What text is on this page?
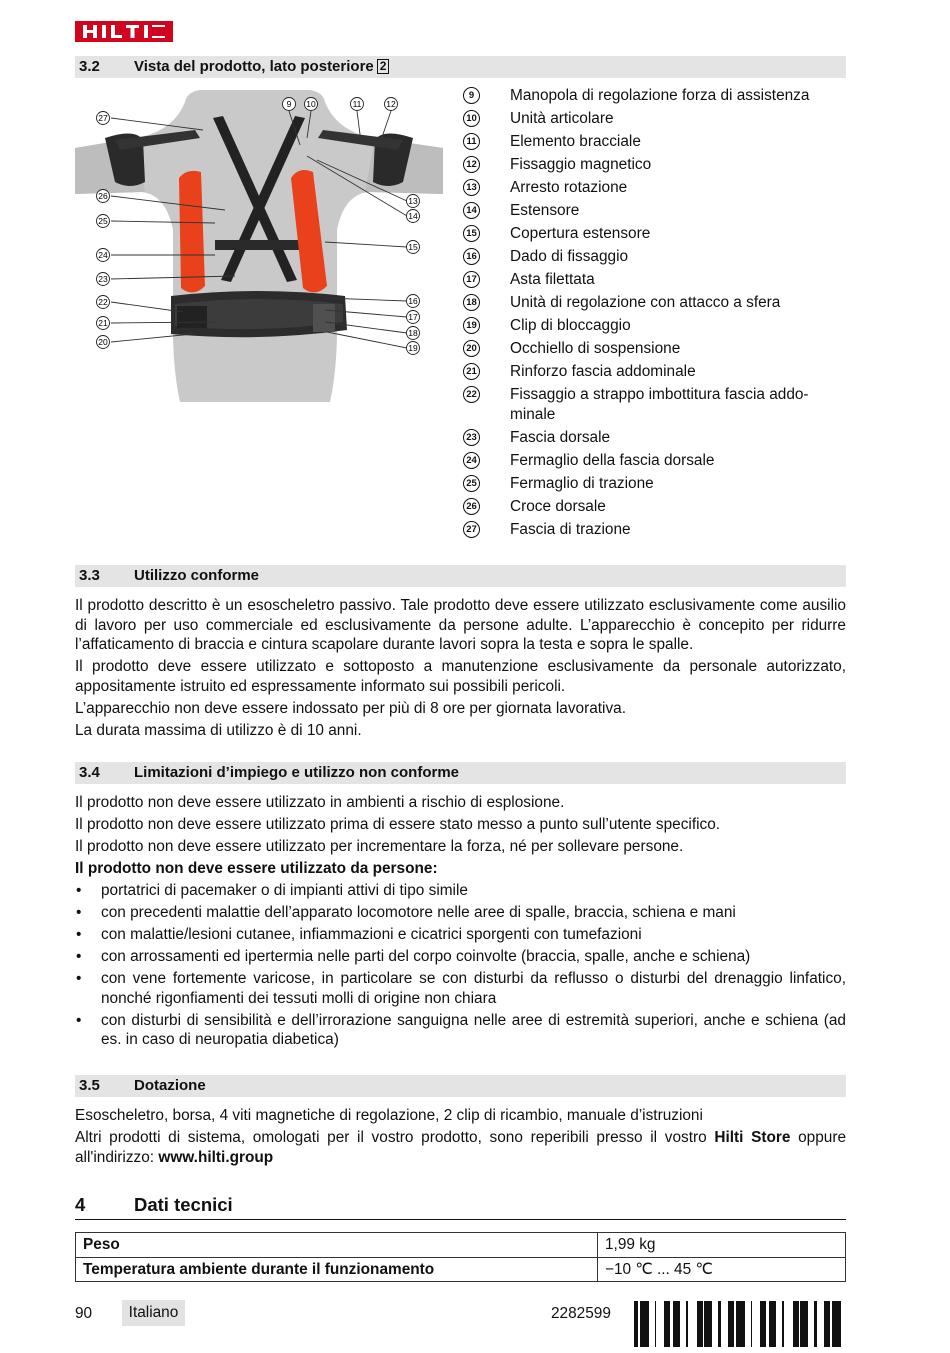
3.2 Vista del prodotto, lato posteriore 2
27
26
25
24
23
22
21
20
9 10	11	12
13
14
15
16
17
18
19
9	Manopola di regolazione forza di assistenza
10 Unità articolare
11 Elemento bracciale
12 Fissaggio magnetico
13 Arresto rotazione
14 Estensore
15 Copertura estensore
16 Dado di fissaggio
17 Asta filettata
18 Unità di regolazione con attacco a sfera
19 Clip di bloccaggio
20 Occhiello di sospensione
21 Rinforzo fascia addominale
22 Fissaggio a strappo imbottitura fascia addo-minale
23 Fascia dorsale
24 Fermaglio della fascia dorsale
25 Fermaglio di trazione
26 Croce dorsale
27 Fascia di trazione
3.3 Utilizzo conforme

Il prodotto descritto è un esoscheletro passivo. Tale prodotto deve essere utilizzato esclusivamente come ausilio di lavoro per uso commerciale ed esclusivamente da persone adulte. L’apparecchio è concepito per ridurre l’affaticamento di braccia e cintura scapolare durante lavori sopra la testa e sopra le spalle.

Il prodotto deve essere utilizzato e sottoposto a manutenzione esclusivamente da personale autorizzato, appositamente istruito ed espressamente informato sui possibili pericoli.

L’apparecchio non deve essere indossato per più di 8 ore per giornata lavorativa.

La durata massima di utilizzo è di 10 anni.

3.4 Limitazioni d’impiego e utilizzo non conforme

Il prodotto non deve essere utilizzato in ambienti a rischio di esplosione.

Il prodotto non deve essere utilizzato prima di essere stato messo a punto sull’utente specifico.

Il prodotto non deve essere utilizzato per incrementare la forza, né per sollevare persone.

Il prodotto non deve essere utilizzato da persone:

• portatrici di pacemaker o di impianti attivi di tipo simile
• con precedenti malattie dell’apparato locomotore nelle aree di spalle, braccia, schiena e mani
• con malattie/lesioni cutanee, infiammazioni e cicatrici sporgenti con tumefazioni
• con arrossamenti ed ipertermia nelle parti del corpo coinvolte (braccia, spalle, anche e schiena)
• con vene fortemente varicose, in particolare se con disturbi da reflusso o disturbi del drenaggio linfatico, nonché rigonfiamenti dei tessuti molli di origine non chiara
• con disturbi di sensibilità e dell’irrorazione sanguigna nelle aree di estremità superiori, anche e schiena (ad es. in caso di neuropatia diabetica)
3.5 Dotazione

Esoscheletro, borsa, 4 viti magnetiche di regolazione, 2 clip di ricambio, manuale d’istruzioni

Altri prodotti di sistema, omologati per il vostro prodotto, sono reperibili presso il vostro Hilti Store oppure all'indirizzo: www.hilti.group

4	Dati tecnici
Peso	1,99 kg
Temperatura ambiente durante il funzionamento	−10 ℃ ... 45 ℃
90	Italiano	2282599
